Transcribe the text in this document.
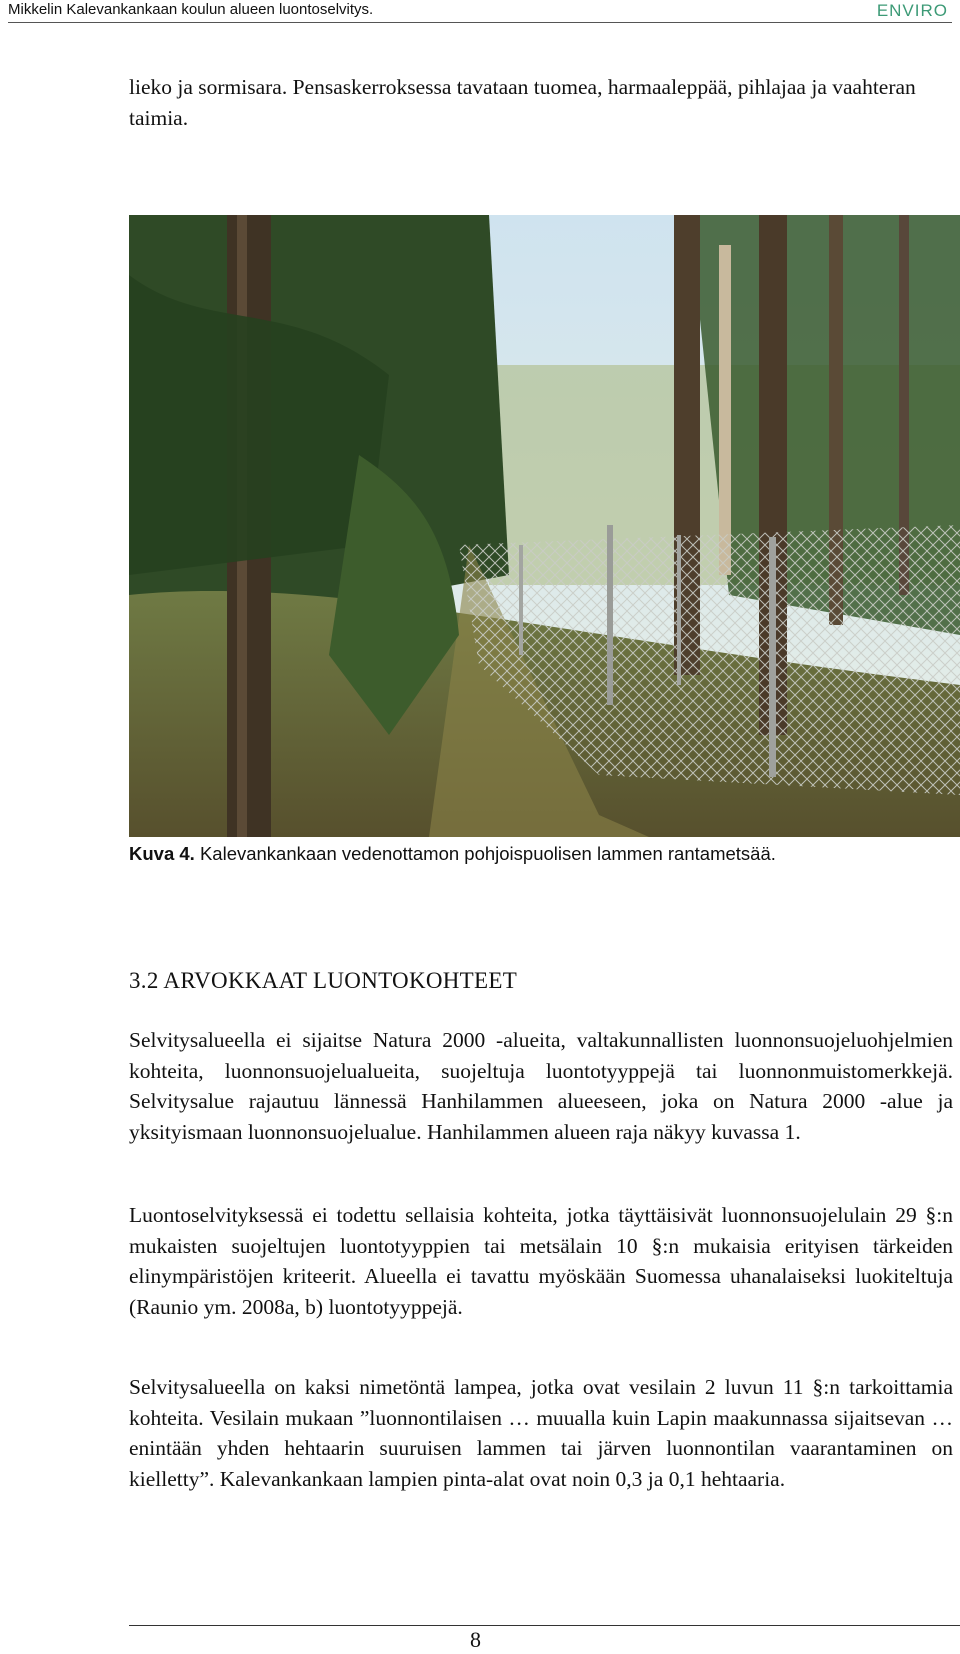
Mikkelin Kalevankankaan koulun alueen luontoselvitys.	ENVIRO

lieko ja sormisara. Pensaskerroksessa tavataan tuomea, harmaaleppää, pihlajaa ja vaahteran taimia.

Kuva 4. Kalevankankaan vedenottamon pohjoispuolisen lammen rantametsää.
3.2 ARVOKKAAT LUONTOKOHTEET

Selvitysalueella ei sijaitse Natura 2000 -alueita, valtakunnallisten luonnonsuojeluohjelmien kohteita, luonnonsuojelualueita, suojeltuja luontotyyppejä tai luonnonmuistomerkkejä. Selvitysalue rajautuu lännessä Hanhilammen alueeseen, joka on Natura 2000 -alue ja yksityismaan luonnonsuojelualue. Hanhilammen alueen raja näkyy kuvassa 1.

Luontoselvityksessä ei todettu sellaisia kohteita, jotka täyttäisivät luonnonsuojelulain 29 §:n mukaisten suojeltujen luontotyyppien tai metsälain 10 §:n mukaisia erityisen tärkeiden elinympäristöjen kriteerit. Alueella ei tavattu myöskään Suomessa uhanalaiseksi luokiteltuja (Raunio ym. 2008a, b) luontotyyppejä.

Selvitysalueella on kaksi nimetöntä lampea, jotka ovat vesilain 2 luvun 11 §:n tarkoittamia kohteita. Vesilain mukaan ”luonnontilaisen … muualla kuin Lapin maakunnassa sijaitsevan … enintään yhden hehtaarin suuruisen lammen tai järven luonnontilan vaarantaminen on kielletty”. Kalevankankaan lampien pinta-alat ovat noin 0,3 ja 0,1 hehtaaria.

8
